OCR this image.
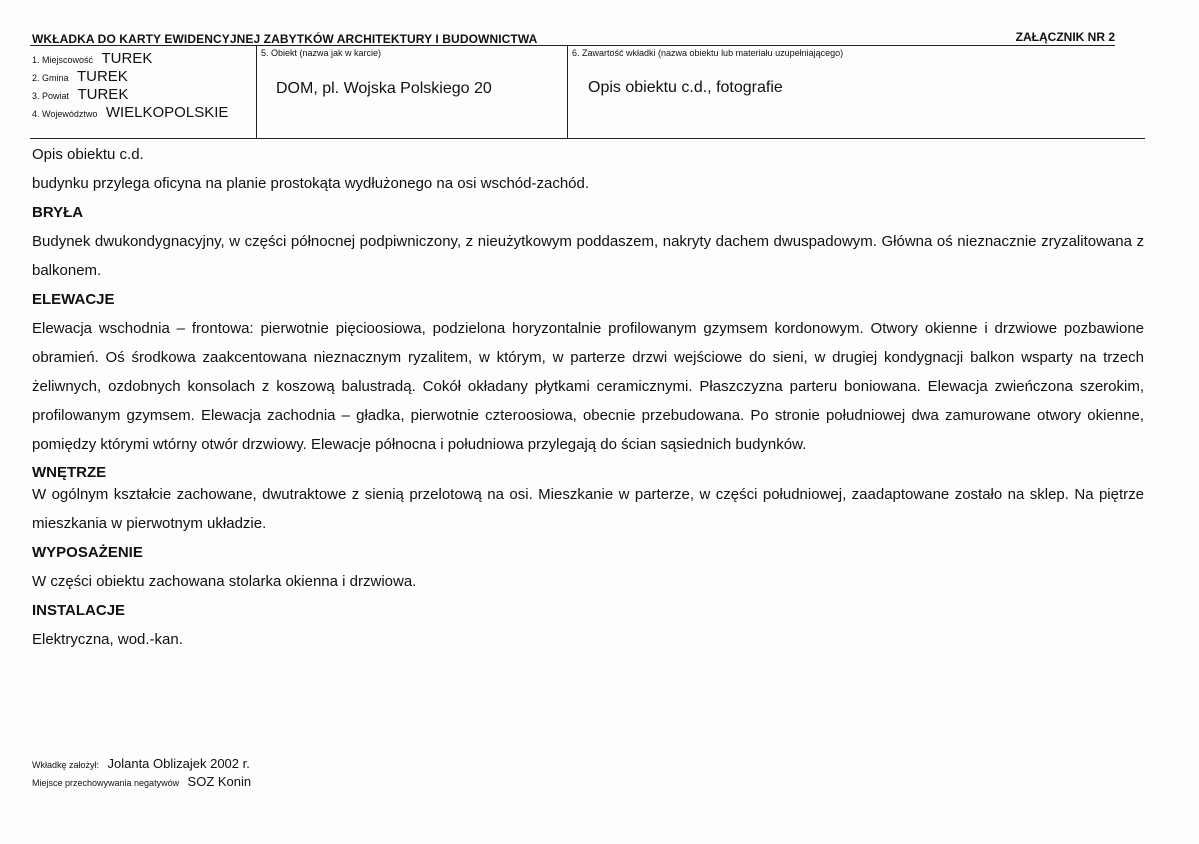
WKŁADKA DO KARTY EWIDENCYJNEJ ZABYTKÓW ARCHITEKTURY I BUDOWNICTWA	ZAŁĄCZNIK NR 2
1. Miejscowość TUREK
2. Gmina TUREK
3. Powiat TUREK
4. Województwo WIELKOPOLSKIE
5. Obiekt (nazwa jak w karcie)
DOM, pl. Wojska Polskiego 20
6. Zawartość wkładki (nazwa obiektu lub materiału uzupełniającego)
Opis obiektu c.d., fotografie

Opis obiektu c.d.

budynku przylega oficyna na planie prostokąta wydłużonego na osi wschód-zachód.

BRYŁA

Budynek dwukondygnacyjny, w części północnej podpiwniczony, z nieużytkowym poddaszem, nakryty dachem dwuspadowym. Główna oś nieznacznie zryzalitowana z balkonem.

ELEWACJE

Elewacja wschodnia – frontowa: pierwotnie pięcioosiowa, podzielona horyzontalnie profilowanym gzymsem kordonowym. Otwory okienne i drzwiowe pozbawione obramień. Oś środkowa zaakcentowana nieznacznym ryzalitem, w którym, w parterze drzwi wejściowe do sieni, w drugiej kondygnacji balkon wsparty na trzech żeliwnych, ozdobnych konsolach z koszową balustradą. Cokół okładany płytkami ceramicznymi. Płaszczyzna parteru boniowana. Elewacja zwieńczona szerokim, profilowanym gzymsem. Elewacja zachodnia – gładka, pierwotnie czteroosiowa, obecnie przebudowana. Po stronie południowej dwa zamurowane otwory okienne, pomiędzy którymi wtórny otwór drzwiowy. Elewacje północna i południowa przylegają do ścian sąsiednich budynków.

WNĘTRZE

W ogólnym kształcie zachowane, dwutraktowe z sienią przelotową na osi. Mieszkanie w parterze, w części południowej, zaadaptowane zostało na sklep. Na piętrze mieszkania w pierwotnym układzie.

WYPOSAŻENIE

W części obiektu zachowana stolarka okienna i drzwiowa.

INSTALACJE

Elektryczna, wod.-kan.

Wkładkę założył: Jolanta Oblizajek 2002 r.
Miejsce przechowywania negatywów SOZ Konin
